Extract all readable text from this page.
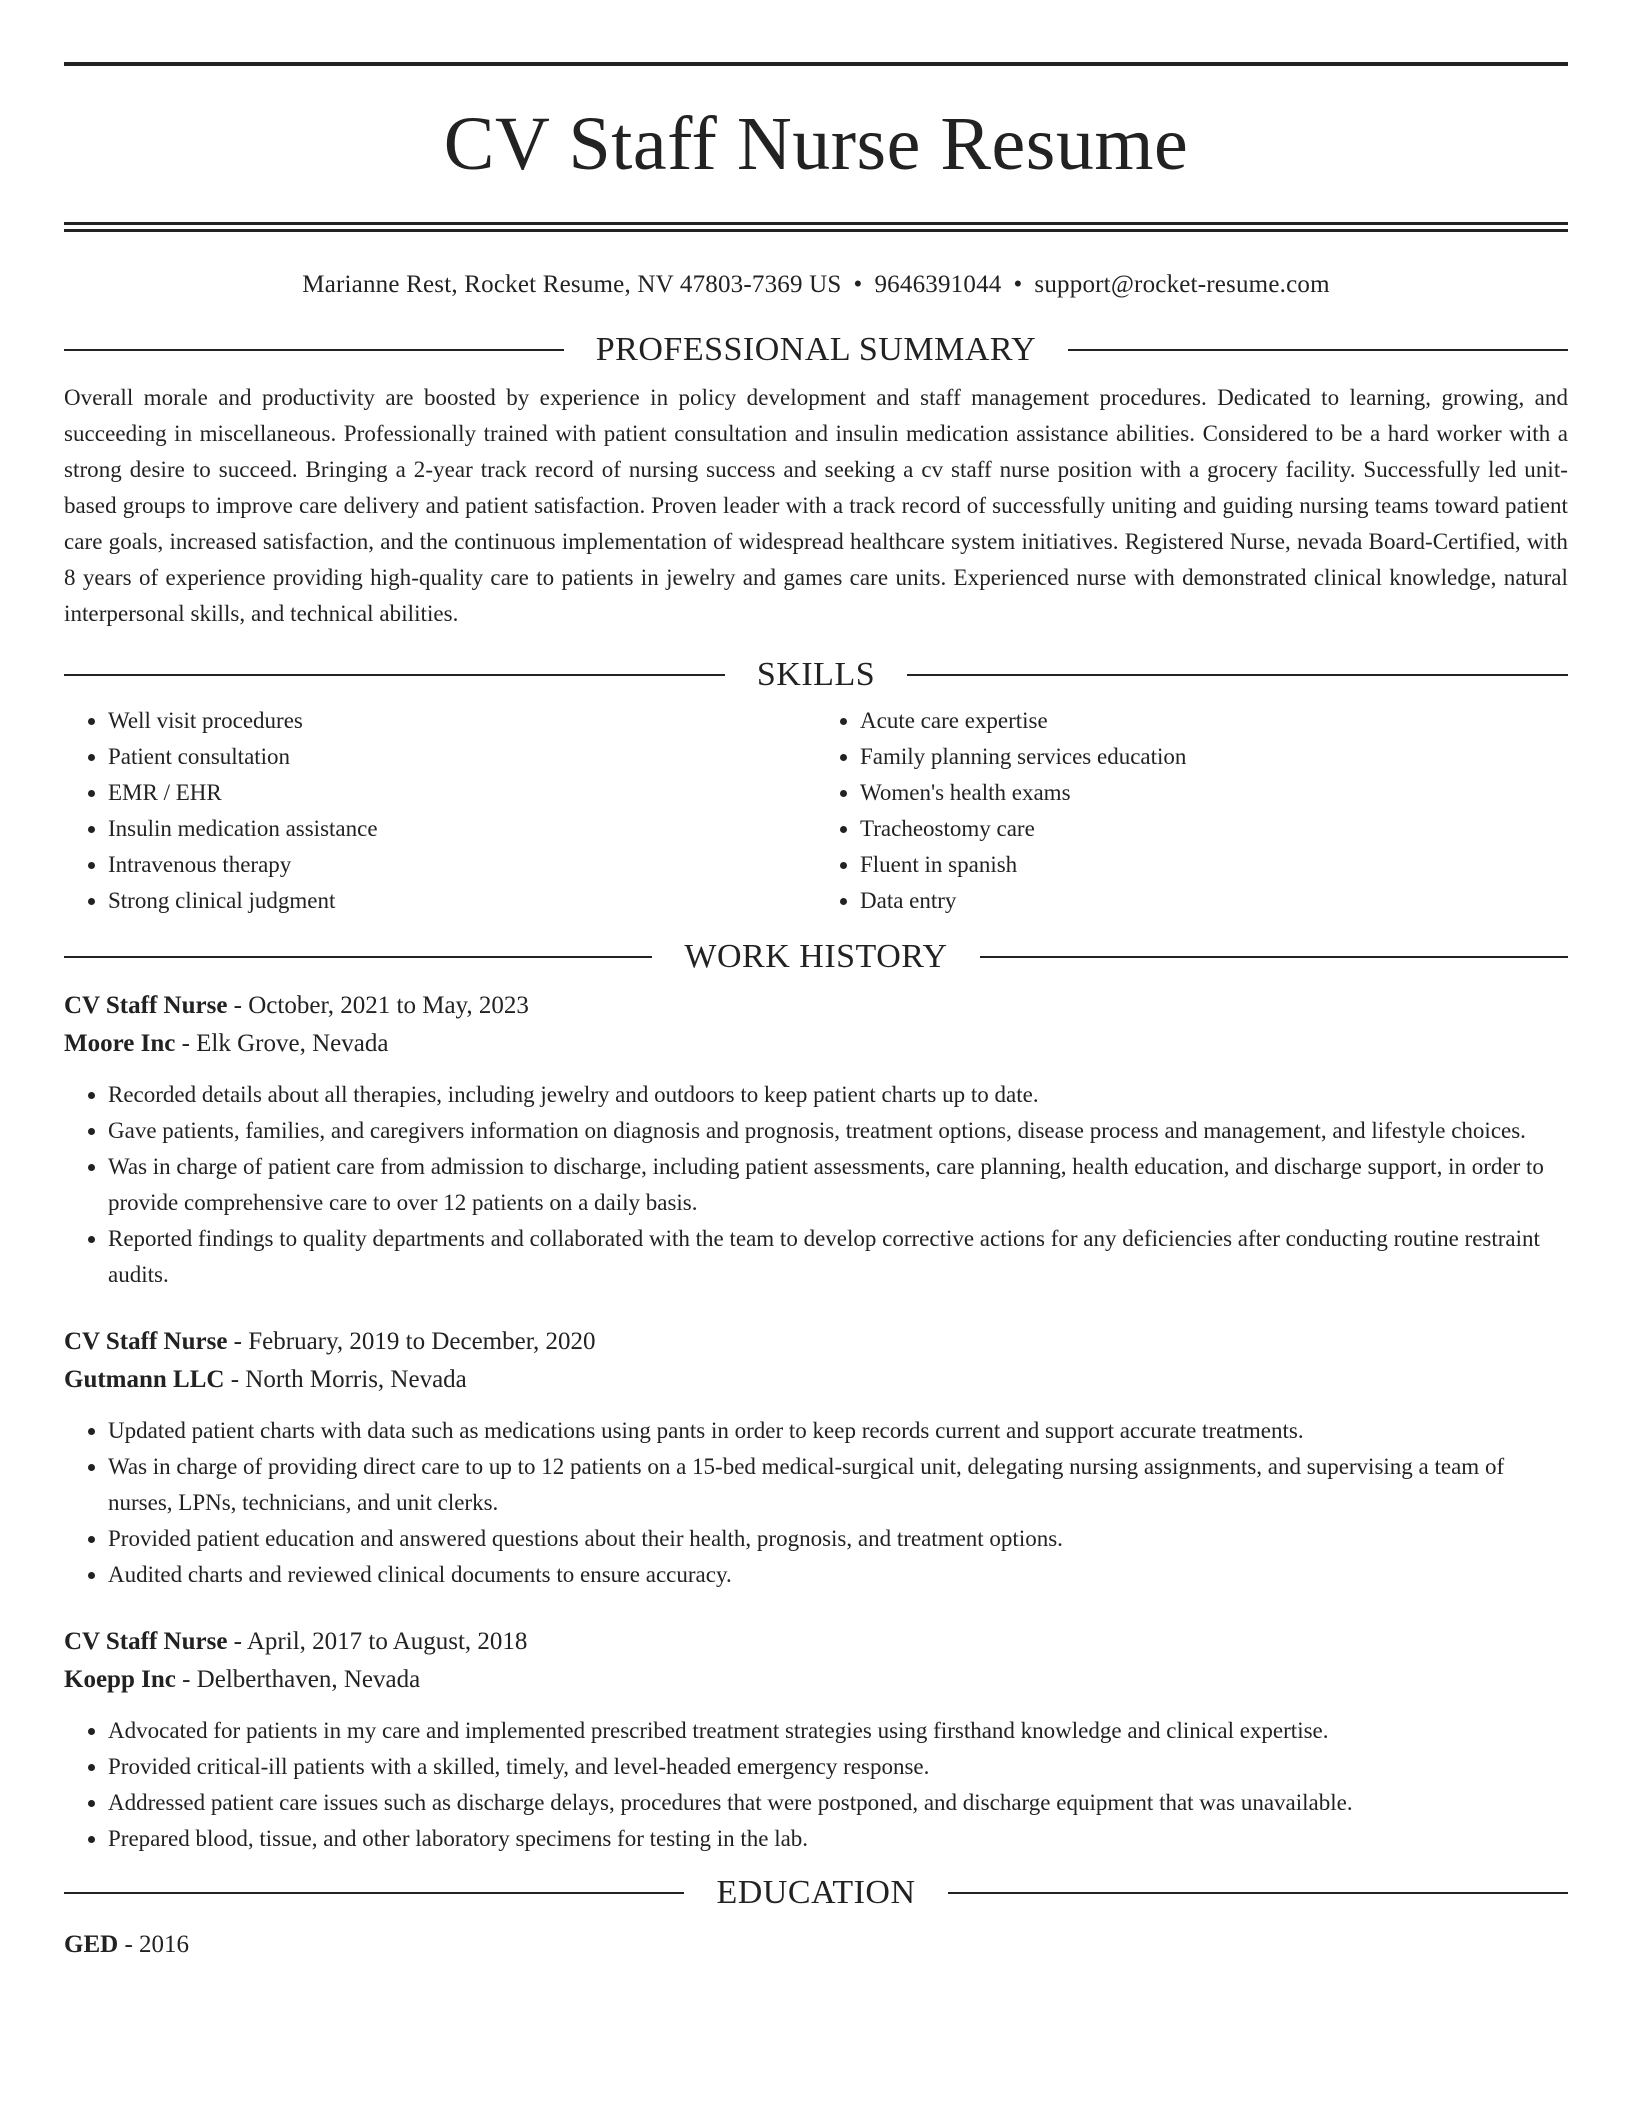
CV Staff Nurse Resume
Marianne Rest, Rocket Resume, NV 47803-7369 US • 9646391044 • support@rocket-resume.com
PROFESSIONAL SUMMARY

Overall morale and productivity are boosted by experience in policy development and staff management procedures. Dedicated to learning, growing, and succeeding in miscellaneous. Professionally trained with patient consultation and insulin medication assistance abilities. Considered to be a hard worker with a strong desire to succeed. Bringing a 2-year track record of nursing success and seeking a cv staff nurse position with a grocery facility. Successfully led unit-based groups to improve care delivery and patient satisfaction. Proven leader with a track record of successfully uniting and guiding nursing teams toward patient care goals, increased satisfaction, and the continuous implementation of widespread healthcare system initiatives. Registered Nurse, nevada Board-Certified, with 8 years of experience providing high-quality care to patients in jewelry and games care units. Experienced nurse with demonstrated clinical knowledge, natural interpersonal skills, and technical abilities.

SKILLS
• Well visit procedures
• Patient consultation
• EMR / EHR
• Insulin medication assistance
• Intravenous therapy
• Strong clinical judgment
• Acute care expertise
• Family planning services education
• Women's health exams
• Tracheostomy care
• Fluent in spanish
• Data entry
WORK HISTORY
CV Staff Nurse - October, 2021 to May, 2023
Moore Inc - Elk Grove, Nevada
• Recorded details about all therapies, including jewelry and outdoors to keep patient charts up to date.
• Gave patients, families, and caregivers information on diagnosis and prognosis, treatment options, disease process and management, and lifestyle choices.
• Was in charge of patient care from admission to discharge, including patient assessments, care planning, health education, and discharge support, in order to provide comprehensive care to over 12 patients on a daily basis.
• Reported findings to quality departments and collaborated with the team to develop corrective actions for any deficiencies after conducting routine restraint audits.
CV Staff Nurse - February, 2019 to December, 2020
Gutmann LLC - North Morris, Nevada
• Updated patient charts with data such as medications using pants in order to keep records current and support accurate treatments.
• Was in charge of providing direct care to up to 12 patients on a 15-bed medical-surgical unit, delegating nursing assignments, and supervising a team of nurses, LPNs, technicians, and unit clerks.
• Provided patient education and answered questions about their health, prognosis, and treatment options.
• Audited charts and reviewed clinical documents to ensure accuracy.
CV Staff Nurse - April, 2017 to August, 2018
Koepp Inc - Delberthaven, Nevada
• Advocated for patients in my care and implemented prescribed treatment strategies using firsthand knowledge and clinical expertise.
• Provided critical-ill patients with a skilled, timely, and level-headed emergency response.
• Addressed patient care issues such as discharge delays, procedures that were postponed, and discharge equipment that was unavailable.
• Prepared blood, tissue, and other laboratory specimens for testing in the lab.
EDUCATION
GED - 2016
